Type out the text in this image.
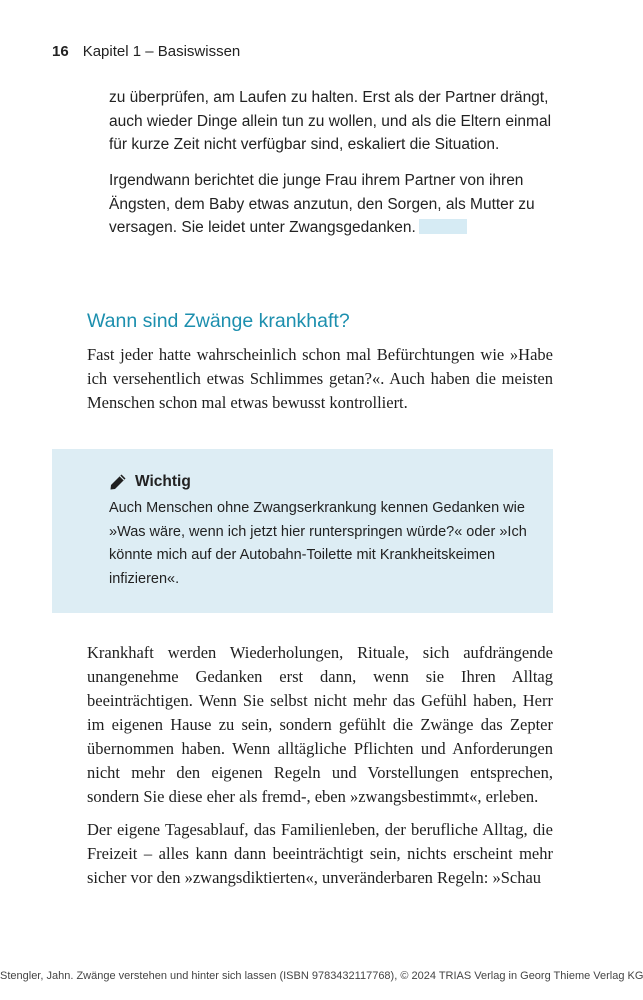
16 Kapitel 1 – Basiswissen

zu überprüfen, am Laufen zu halten. Erst als der Partner drängt, auch wieder Dinge allein tun zu wollen, und als die Eltern einmal für kurze Zeit nicht verfügbar sind, eskaliert die Situation.

Irgendwann berichtet die junge Frau ihrem Partner von ihren Ängsten, dem Baby etwas anzutun, den Sorgen, als Mutter zu versagen. Sie leidet unter Zwangsgedanken.

Wann sind Zwänge krankhaft?

Fast jeder hatte wahrscheinlich schon mal Befürchtungen wie »Habe ich versehentlich etwas Schlimmes getan?«. Auch haben die meisten Menschen schon mal etwas bewusst kontrolliert.

Wichtig

Auch Menschen ohne Zwangserkrankung kennen Gedanken wie »Was wäre, wenn ich jetzt hier runterspringen würde?« oder »Ich könnte mich auf der Autobahn-Toilette mit Krankheitskeimen infizieren«.

Krankhaft werden Wiederholungen, Rituale, sich aufdrängende unangenehme Gedanken erst dann, wenn sie Ihren Alltag beeinträchtigen. Wenn Sie selbst nicht mehr das Gefühl haben, Herr im eigenen Hause zu sein, sondern gefühlt die Zwänge das Zepter übernommen haben. Wenn alltägliche Pflichten und Anforderungen nicht mehr den eigenen Regeln und Vorstellungen entsprechen, sondern Sie diese eher als fremd-, eben »zwangsbestimmt«, erleben.

Der eigene Tagesablauf, das Familienleben, der berufliche Alltag, die Freizeit – alles kann dann beeinträchtigt sein, nichts erscheint mehr sicher vor den »zwangsdiktierten«, unveränderbaren Regeln: »Schau

Stengler, Jahn. Zwänge verstehen und hinter sich lassen (ISBN 9783432117768), © 2024 TRIAS Verlag in Georg Thieme Verlag KG
